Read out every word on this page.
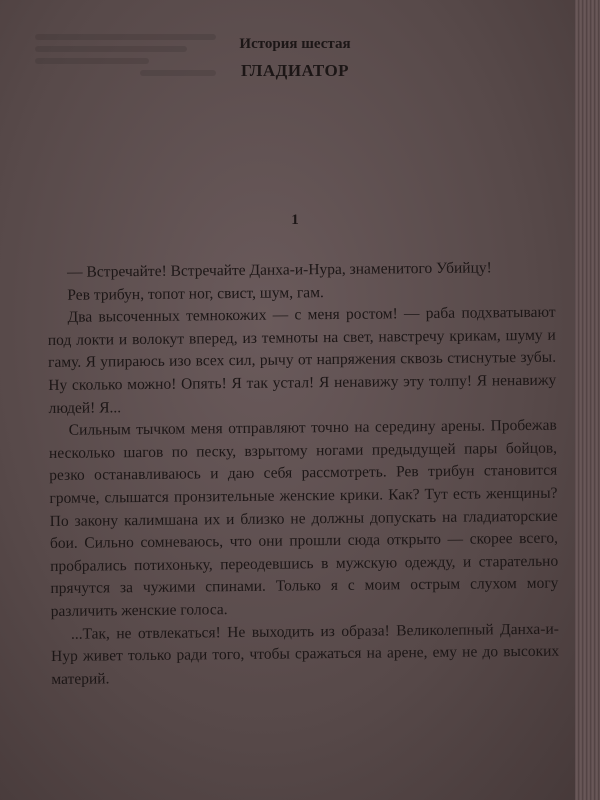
История шестая

ГЛАДИАТОР

1

— Встречайте! Встречайте Данха-и-Нура, знаменитого Убийцу!

Рев трибун, топот ног, свист, шум, гам.

Два высоченных темнокожих — с меня ростом! — раба подхватывают под локти и волокут вперед, из темноты на свет, навстречу крикам, шуму и гаму. Я упираюсь изо всех сил, рычу от напряжения сквозь стиснутые зубы. Ну сколько можно! Опять! Я так устал! Я ненавижу эту толпу! Я ненавижу людей! Я...

Сильным тычком меня отправляют точно на середину арены. Пробежав несколько шагов по песку, взрытому ногами предыдущей пары бойцов, резко останавливаюсь и даю себя рассмотреть. Рев трибун становится громче, слышатся пронзительные женские крики. Как? Тут есть женщины? По закону калимшана их и близко не должны допускать на гладиаторские бои. Сильно сомневаюсь, что они прошли сюда открыто — скорее всего, пробрались потихоньку, переодевшись в мужскую одежду, и старательно прячутся за чужими спинами. Только я с моим острым слухом могу различить женские голоса.

...Так, не отвлекаться! Не выходить из образа! Великолепный Данха-и-Нур живет только ради того, чтобы сражаться на арене, ему не до высоких материй.
